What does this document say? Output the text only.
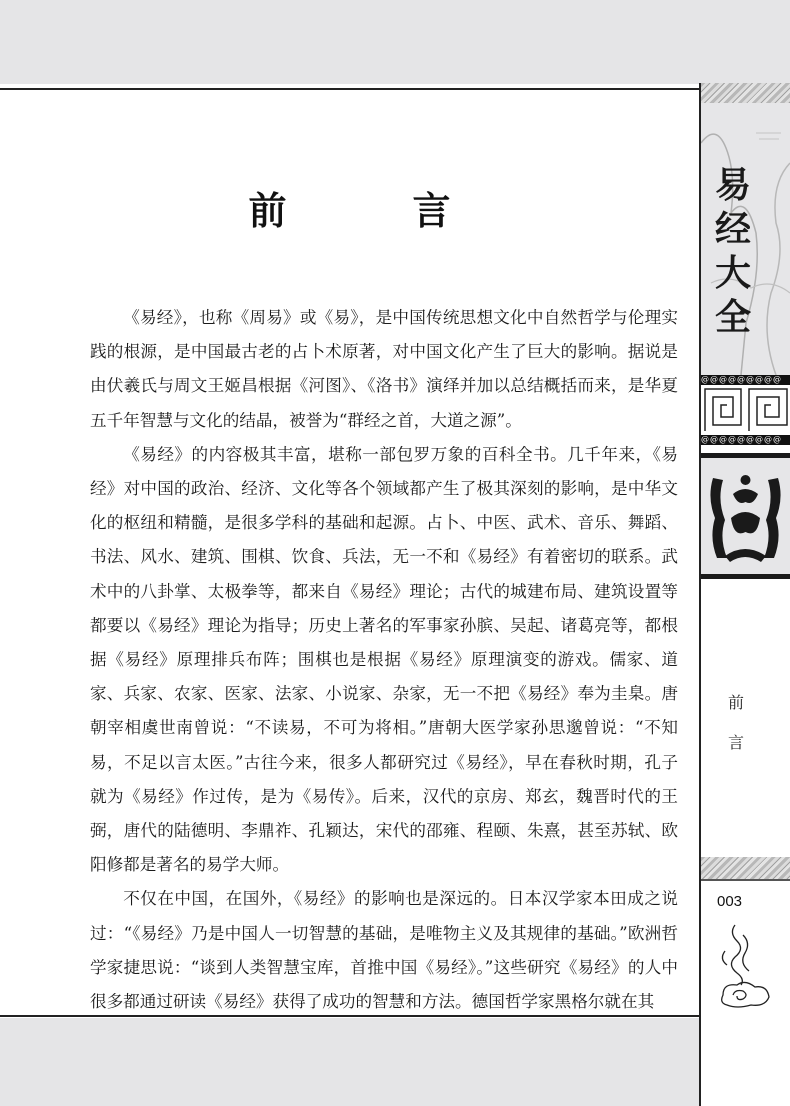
前　言

《易经》，也称《周易》或《易》，是中国传统思想文化中自然哲学与伦理实践的根源，是中国最古老的占卜术原著，对中国文化产生了巨大的影响。据说是由伏羲氏与周文王姬昌根据《河图》、《洛书》演绎并加以总结概括而来，是华夏五千年智慧与文化的结晶，被誉为“群经之首，大道之源”。

《易经》的内容极其丰富，堪称一部包罗万象的百科全书。几千年来，《易经》对中国的政治、经济、文化等各个领域都产生了极其深刻的影响，是中华文化的枢纽和精髓，是很多学科的基础和起源。占卜、中医、武术、音乐、舞蹈、书法、风水、建筑、围棋、饮食、兵法，无一不和《易经》有着密切的联系。武术中的八卦掌、太极拳等，都来自《易经》理论；古代的城建布局、建筑设置等都要以《易经》理论为指导；历史上著名的军事家孙膑、吴起、诸葛亮等，都根据《易经》原理排兵布阵；围棋也是根据《易经》原理演变的游戏。儒家、道家、兵家、农家、医家、法家、小说家、杂家，无一不把《易经》奉为圭臬。唐朝宰相虞世南曾说：“不读易，不可为将相。”唐朝大医学家孙思邈曾说：“不知易，不足以言太医。”古往今来，很多人都研究过《易经》，早在春秋时期，孔子就为《易经》作过传，是为《易传》。后来，汉代的京房、郑玄，魏晋时代的王弼，唐代的陆德明、李鼎祚、孔颖达，宋代的邵雍、程颐、朱熹，甚至苏轼、欧阳修都是著名的易学大师。

不仅在中国，在国外，《易经》的影响也是深远的。日本汉学家本田成之说过：“《易经》乃是中国人一切智慧的基础，是唯物主义及其规律的基础。”欧洲哲学家捷思说：“谈到人类智慧宝库，首推中国《易经》。”这些研究《易经》的人中很多都通过研读《易经》获得了成功的智慧和方法。德国哲学家黑格尔就在其

易
经
大
全
@@@@@@@@@
@@@@@@@@@
前
言
003
